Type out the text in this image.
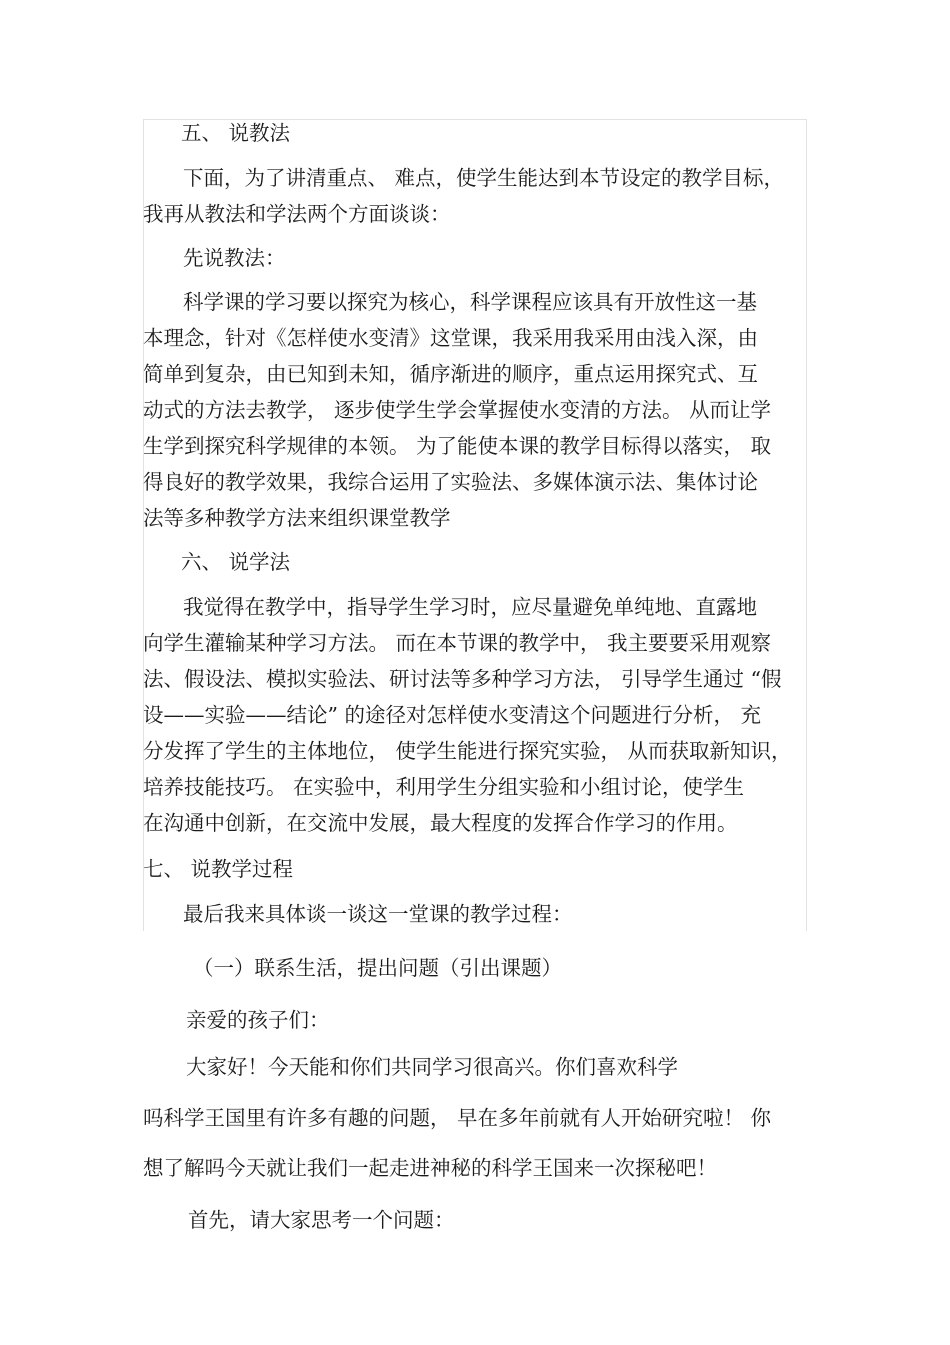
五、 说教法
下面，为了讲清重点、 难点，使学生能达到本节设定的教学目标，
我再从教法和学法两个方面谈谈：
先说教法：
科学课的学习要以探究为核心，科学课程应该具有开放性这一基
本理念，针对《怎样使水变清》这堂课，我采用我采用由浅入深，由
简单到复杂，由已知到未知，循序渐进的顺序，重点运用探究式、互
动式的方法去教学， 逐步使学生学会掌握使水变清的方法。 从而让学
生学到探究科学规律的本领。 为了能使本课的教学目标得以落实， 取
得良好的教学效果，我综合运用了实验法、多媒体演示法、集体讨论
法等多种教学方法来组织课堂教学
六、 说学法
我觉得在教学中，指导学生学习时，应尽量避免单纯地、直露地
向学生灌输某种学习方法。 而在本节课的教学中， 我主要要采用观察
法、假设法、模拟实验法、研讨法等多种学习方法， 引导学生通过 “假
设——实验——结论” 的途径对怎样使水变清这个问题进行分析， 充
分发挥了学生的主体地位， 使学生能进行探究实验， 从而获取新知识，
培养技能技巧。 在实验中，利用学生分组实验和小组讨论，使学生
在沟通中创新，在交流中发展，最大程度的发挥合作学习的作用。
七、 说教学过程
最后我来具体谈一谈这一堂课的教学过程：
（一）联系生活，提出问题（引出课题）
亲爱的孩子们：
大家好！今天能和你们共同学习很高兴。你们喜欢科学
吗科学王国里有许多有趣的问题， 早在多年前就有人开始研究啦！ 你
想了解吗今天就让我们一起走进神秘的科学王国来一次探秘吧！
首先，请大家思考一个问题：
